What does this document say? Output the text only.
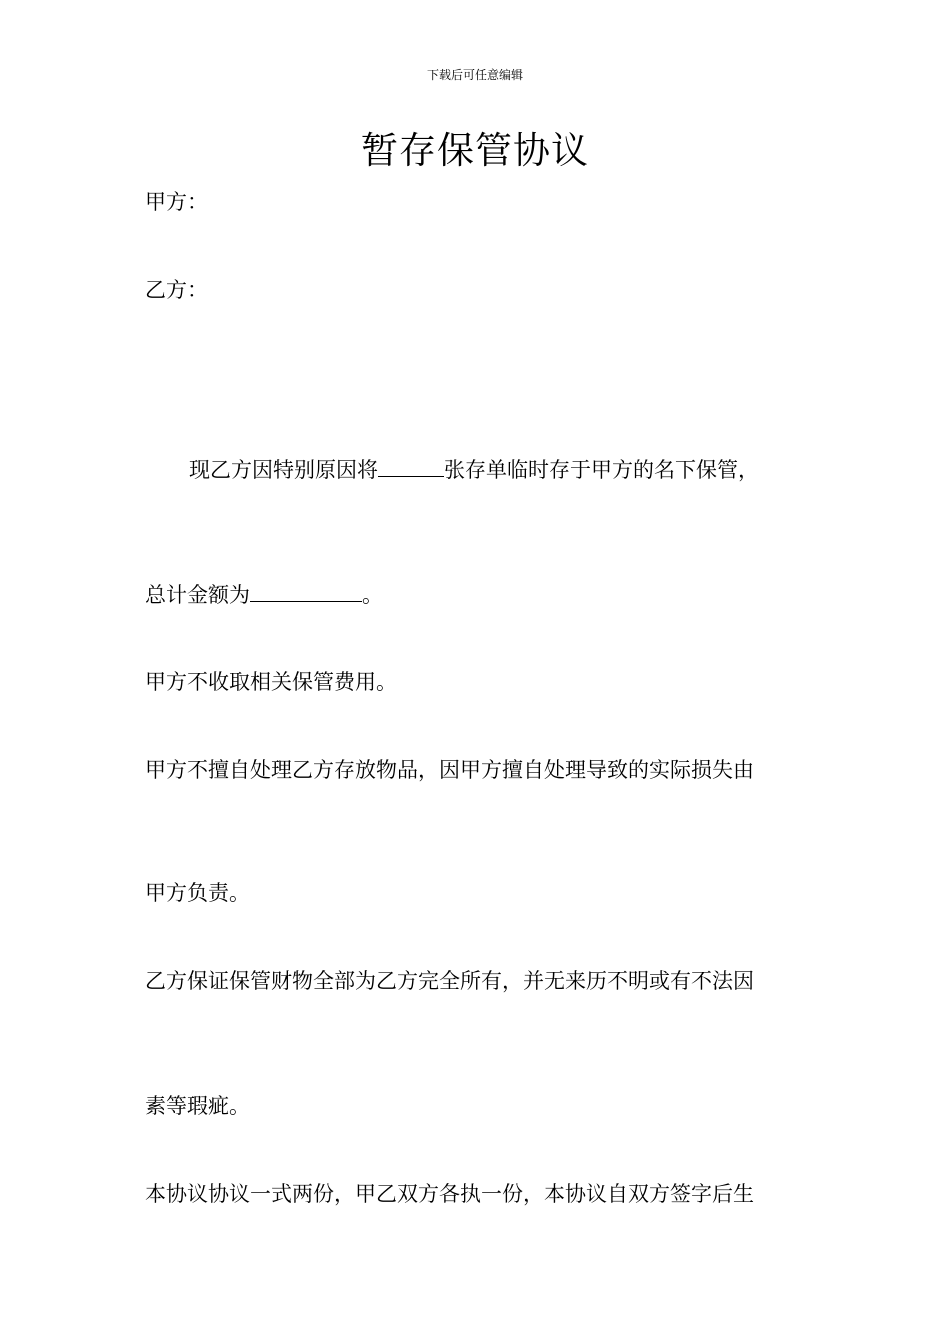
下载后可任意编辑
暂存保管协议
甲方：
乙方：
现乙方因特别原因将	张存单临时存于甲方的名下保管，
总计金额为	。
甲方不收取相关保管费用。
甲方不擅自处理乙方存放物品，因甲方擅自处理导致的实际损失由
甲方负责。
乙方保证保管财物全部为乙方完全所有，并无来历不明或有不法因
素等瑕疵。
本协议协议一式两份，甲乙双方各执一份，本协议自双方签字后生
